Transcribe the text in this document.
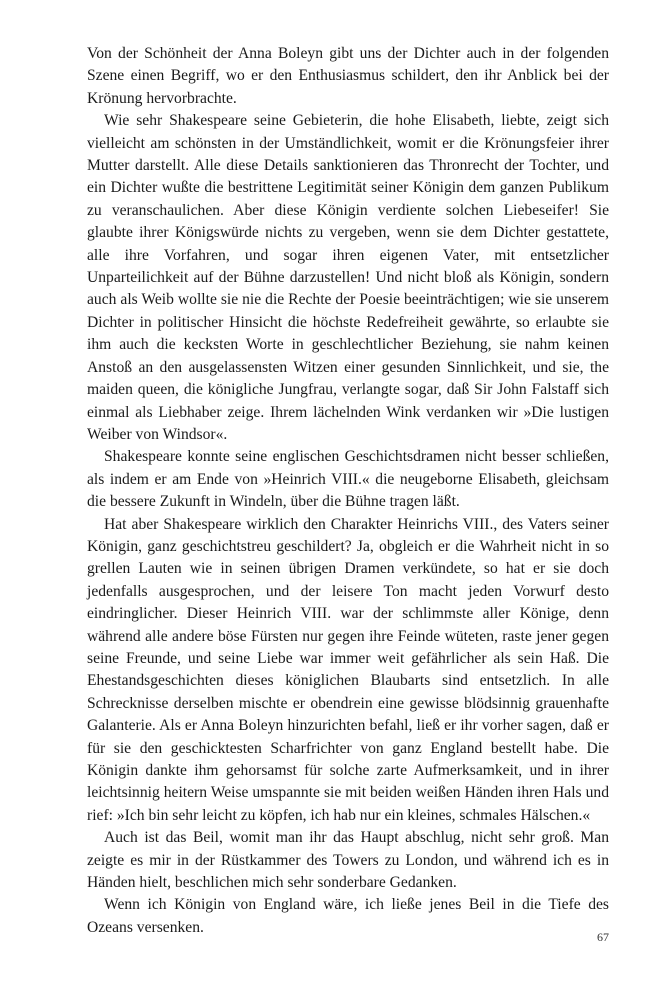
Von der Schönheit der Anna Boleyn gibt uns der Dichter auch in der folgenden Szene einen Begriff, wo er den Enthusiasmus schildert, den ihr Anblick bei der Krönung hervorbrachte.

Wie sehr Shakespeare seine Gebieterin, die hohe Elisabeth, liebte, zeigt sich vielleicht am schönsten in der Umständlichkeit, womit er die Krönungsfeier ihrer Mutter darstellt. Alle diese Details sanktionieren das Thronrecht der Tochter, und ein Dichter wußte die bestrittene Legitimität seiner Königin dem ganzen Publikum zu veranschaulichen. Aber diese Königin verdiente solchen Liebeseifer! Sie glaubte ihrer Königswürde nichts zu vergeben, wenn sie dem Dichter gestattete, alle ihre Vorfahren, und sogar ihren eigenen Vater, mit entsetzlicher Unparteilichkeit auf der Bühne darzustellen! Und nicht bloß als Königin, sondern auch als Weib wollte sie nie die Rechte der Poesie beeinträchtigen; wie sie unserem Dichter in politischer Hinsicht die höchste Redefreiheit gewährte, so erlaubte sie ihm auch die kecksten Worte in geschlechtlicher Beziehung, sie nahm keinen Anstoß an den ausgelassensten Witzen einer gesunden Sinnlichkeit, und sie, the maiden queen, die königliche Jungfrau, verlangte sogar, daß Sir John Falstaff sich einmal als Liebhaber zeige. Ihrem lächelnden Wink verdanken wir »Die lustigen Weiber von Windsor«.

Shakespeare konnte seine englischen Geschichtsdramen nicht besser schließen, als indem er am Ende von »Heinrich VIII.« die neugeborne Elisabeth, gleichsam die bessere Zukunft in Windeln, über die Bühne tragen läßt.

Hat aber Shakespeare wirklich den Charakter Heinrichs VIII., des Vaters seiner Königin, ganz geschichtstreu geschildert? Ja, obgleich er die Wahrheit nicht in so grellen Lauten wie in seinen übrigen Dramen verkündete, so hat er sie doch jedenfalls ausgesprochen, und der leisere Ton macht jeden Vorwurf desto eindringlicher. Dieser Heinrich VIII. war der schlimmste aller Könige, denn während alle andere böse Fürsten nur gegen ihre Feinde wüteten, raste jener gegen seine Freunde, und seine Liebe war immer weit gefährlicher als sein Haß. Die Ehestandsgeschichten dieses königlichen Blaubarts sind entsetzlich. In alle Schrecknisse derselben mischte er obendrein eine gewisse blödsinnig grauenhafte Galanterie. Als er Anna Boleyn hinzurichten befahl, ließ er ihr vorher sagen, daß er für sie den geschicktesten Scharfrichter von ganz England bestellt habe. Die Königin dankte ihm gehorsamst für solche zarte Aufmerksamkeit, und in ihrer leichtsinnig heitern Weise umspannte sie mit beiden weißen Händen ihren Hals und rief: »Ich bin sehr leicht zu köpfen, ich hab nur ein kleines, schmales Hälschen.«

Auch ist das Beil, womit man ihr das Haupt abschlug, nicht sehr groß. Man zeigte es mir in der Rüstkammer des Towers zu London, und während ich es in Händen hielt, beschlichen mich sehr sonderbare Gedanken.

Wenn ich Königin von England wäre, ich ließe jenes Beil in die Tiefe des Ozeans versenken.

67
